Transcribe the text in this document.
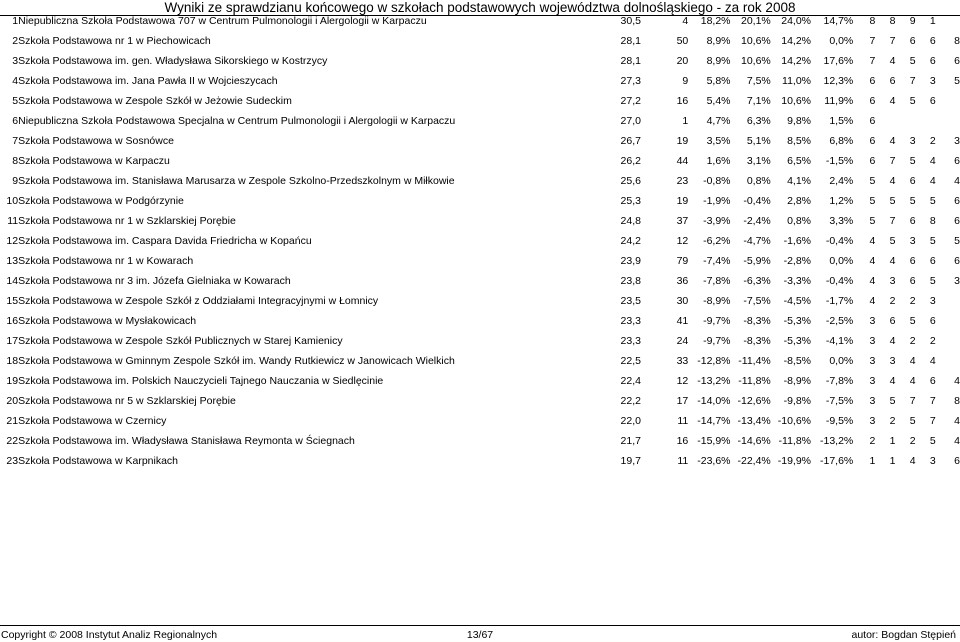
Wyniki ze sprawdzianu końcowego w szkołach podstawowych województwa dolnośląskiego - za rok 2008
1	Niepubliczna Szkoła Podstawowa 707 w Centrum Pulmonologii i Alergologii w Karpaczu	30,5	4	18,2%	20,1%	24,0%	14,7%	8	8	9	1	
2	Szkoła Podstawowa nr 1 w Piechowicach	28,1	50	8,9%	10,6%	14,2%	0,0%	7	7	6	6	8
3	Szkoła Podstawowa im. gen. Władysława Sikorskiego w Kostrzycy	28,1	20	8,9%	10,6%	14,2%	17,6%	7	4	5	6	6
4	Szkoła Podstawowa im. Jana Pawła II w Wojcieszycach	27,3	9	5,8%	7,5%	11,0%	12,3%	6	6	7	3	5
5	Szkoła Podstawowa w Zespole Szkół w Jeżowie Sudeckim	27,2	16	5,4%	7,1%	10,6%	11,9%	6	4	5	6	
6	Niepubliczna Szkoła Podstawowa Specjalna w Centrum Pulmonologii i Alergologii w Karpaczu	27,0	1	4,7%	6,3%	9,8%	1,5%	6				
7	Szkoła Podstawowa w Sosnówce	26,7	19	3,5%	5,1%	8,5%	6,8%	6	4	3	2	3
8	Szkoła Podstawowa w Karpaczu	26,2	44	1,6%	3,1%	6,5%	-1,5%	6	7	5	4	6
9	Szkoła Podstawowa im. Stanisława Marusarza w Zespole Szkolno-Przedszkolnym w Miłkowie	25,6	23	-0,8%	0,8%	4,1%	2,4%	5	4	6	4	4
10	Szkoła Podstawowa w Podgórzynie	25,3	19	-1,9%	-0,4%	2,8%	1,2%	5	5	5	5	6
11	Szkoła Podstawowa nr 1 w Szklarskiej Porębie	24,8	37	-3,9%	-2,4%	0,8%	3,3%	5	7	6	8	6
12	Szkoła Podstawowa im. Caspara Davida Friedricha w Kopańcu	24,2	12	-6,2%	-4,7%	-1,6%	-0,4%	4	5	3	5	5
13	Szkoła Podstawowa nr 1 w Kowarach	23,9	79	-7,4%	-5,9%	-2,8%	0,0%	4	4	6	6	6
14	Szkoła Podstawowa nr 3 im. Józefa Gielniaka w Kowarach	23,8	36	-7,8%	-6,3%	-3,3%	-0,4%	4	3	6	5	3
15	Szkoła Podstawowa w Zespole Szkół z Oddziałami Integracyjnymi w Łomnicy	23,5	30	-8,9%	-7,5%	-4,5%	-1,7%	4	2	2	3	
16	Szkoła Podstawowa w Mysłakowicach	23,3	41	-9,7%	-8,3%	-5,3%	-2,5%	3	6	5	6	
17	Szkoła Podstawowa w Zespole Szkół Publicznych w Starej Kamienicy	23,3	24	-9,7%	-8,3%	-5,3%	-4,1%	3	4	2	2	
18	Szkoła Podstawowa w Gminnym Zespole Szkół im. Wandy Rutkiewicz w Janowicach Wielkich	22,5	33	-12,8%	-11,4%	-8,5%	0,0%	3	3	4	4	
19	Szkoła Podstawowa im. Polskich Nauczycieli Tajnego Nauczania w Siedlęcinie	22,4	12	-13,2%	-11,8%	-8,9%	-7,8%	3	4	4	6	4
20	Szkoła Podstawowa nr 5 w Szklarskiej Porębie	22,2	17	-14,0%	-12,6%	-9,8%	-7,5%	3	5	7	7	8
21	Szkoła Podstawowa w Czernicy	22,0	11	-14,7%	-13,4%	-10,6%	-9,5%	3	2	5	7	4
22	Szkoła Podstawowa im. Władysława Stanisława Reymonta w Ściegnach	21,7	16	-15,9%	-14,6%	-11,8%	-13,2%	2	1	2	5	4
23	Szkoła Podstawowa w Karpnikach	19,7	11	-23,6%	-22,4%	-19,9%	-17,6%	1	1	4	3	6
Copyright © 2008 Instytut Analiz Regionalnych	13/67	autor: Bogdan Stępień
